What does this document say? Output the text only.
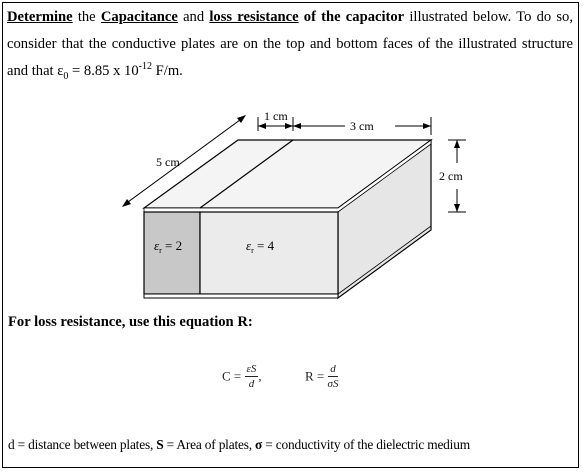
Determine the Capacitance and loss resistance of the capacitor illustrated below. To do so, consider that the conductive plates are on the top and bottom faces of the illustrated structure and that $\varepsilon_0 = 8.85$ x $10^{-12}$ F/m.
1 cm
3 cm
5 cm
2 cm
$\varepsilon_r = 2$	$\varepsilon_r = 4$
For loss resistance, use this equation R:
$C = \frac{\varepsilon S}{d}$ ,	$R = \frac{d}{\sigma S}$
d = distance between plates, S = Area of plates, σ = conductivity of the dielectric medium
